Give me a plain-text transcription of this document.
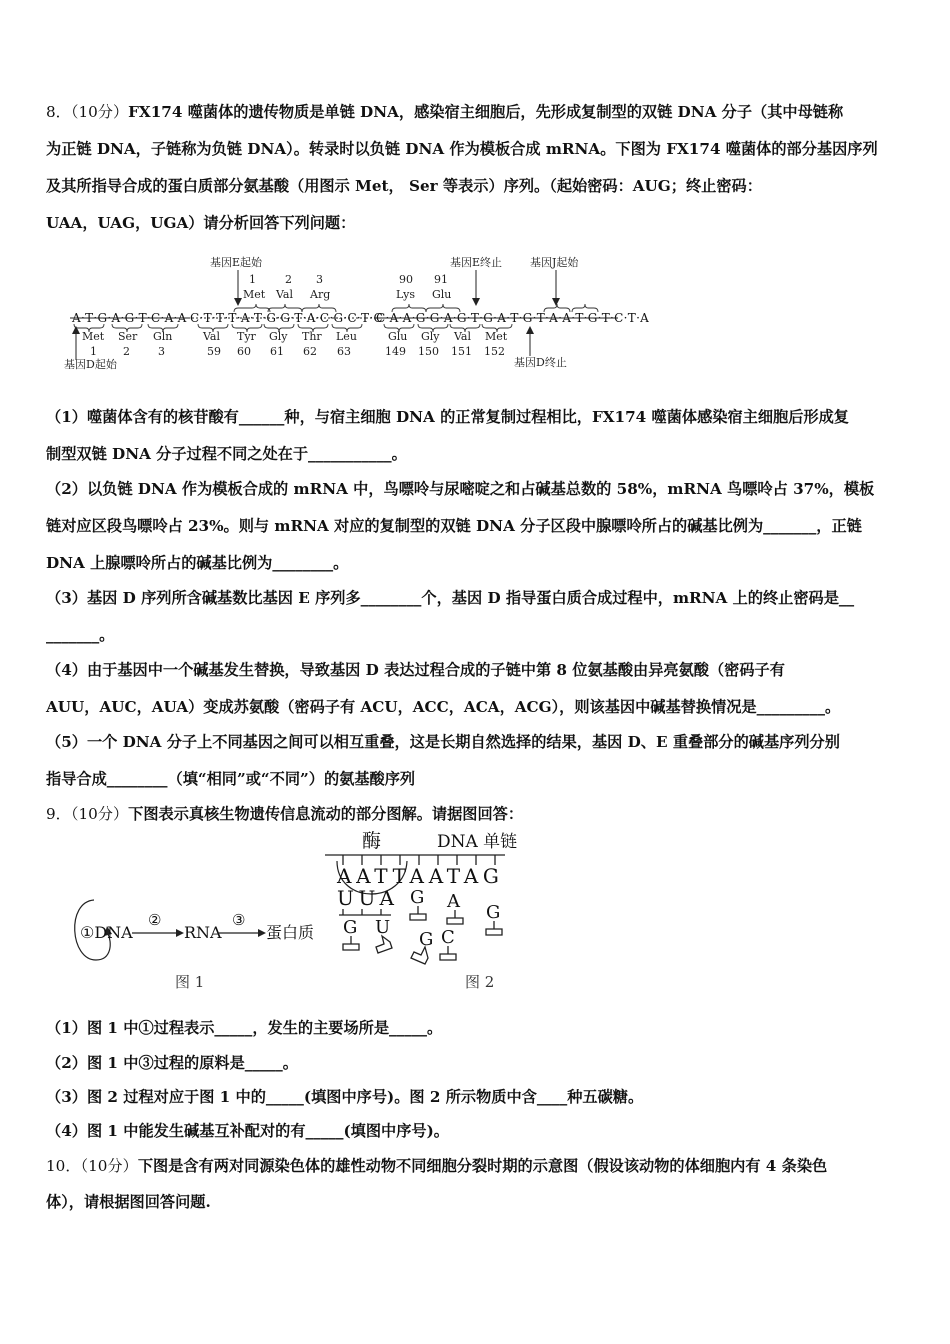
8．（10分）FX174 噬菌体的遗传物质是单链 DNA，感染宿主细胞后，先形成复制型的双链 DNA 分子（其中母链称
为正链 DNA，子链称为负链 DNA）。转录时以负链 DNA 作为模板合成 mRNA。下图为 FX174 噬菌体的部分基因序列
及其所指导合成的蛋白质部分氨基酸（用图示 Met， Ser 等表示）序列。（起始密码：AUG；终止密码：
UAA，UAG，UGA）请分析回答下列问题：
基因E起始	基因E终止	基因J起始
1	2 3	90 91
Met Val Arg	Lys Glu
A·T·G·A·G·T·C·A·A C·T·T·T·A·T·G·G·T·A·C·G·C·T·C
C·A·A·G·G·A·G·T·G·A·T·G·T·A·A·T·G·T·C·T·A
Met Ser Gln	Val Tyr Gly Thr Leu	Glu Gly Val Met
1 2	3	59 60 61 62 63	149 150 151 152
基因D起始	基因D终止
（1）噬菌体含有的核苷酸有______种，与宿主细胞 DNA 的正常复制过程相比，FX174 噬菌体感染宿主细胞后形成复
制型双链 DNA 分子过程不同之处在于___________。
（2）以负链 DNA 作为模板合成的 mRNA 中，鸟嘌呤与尿嘧啶之和占碱基总数的 58%，mRNA 鸟嘌呤占 37%，模板
链对应区段鸟嘌呤占 23%。则与 mRNA 对应的复制型的双链 DNA 分子区段中腺嘌呤所占的碱基比例为_______，正链
DNA 上腺嘌呤所占的碱基比例为________。
（3）基因 D 序列所含碱基数比基因 E 序列多________个，基因 D 指导蛋白质合成过程中，mRNA 上的终止密码是__
_______。
（4）由于基因中一个碱基发生替换，导致基因 D 表达过程合成的子链中第 8 位氨基酸由异亮氨酸（密码子有
AUU，AUC，AUA）变成苏氨酸（密码子有 ACU，ACC，ACA，ACG），则该基因中碱基替换情况是_________。
（5）一个 DNA 分子上不同基因之间可以相互重叠，这是长期自然选择的结果，基因 D、E 重叠部分的碱基序列分别
指导合成________（填“相同”或“不同”）的氨基酸序列
9．（10分）下图表示真核生物遗传信息流动的部分图解。请据图回答：
①DNA
②
RNA
③
蛋白质
图 1
酶	DNA 单链
AATTAATAG
UUA G A
G
G U
G C
图 2
（1）图 1 中①过程表示_____，发生的主要场所是_____。
（2）图 1 中③过程的原料是_____。
（3）图 2 过程对应于图 1 中的_____(填图中序号)。图 2 所示物质中含____种五碳糖。
（4）图 1 中能发生碱基互补配对的有_____(填图中序号)。
10．（10分）下图是含有两对同源染色体的雄性动物不同细胞分裂时期的示意图（假设该动物的体细胞内有 4 条染色
体），请根据图回答问题.
